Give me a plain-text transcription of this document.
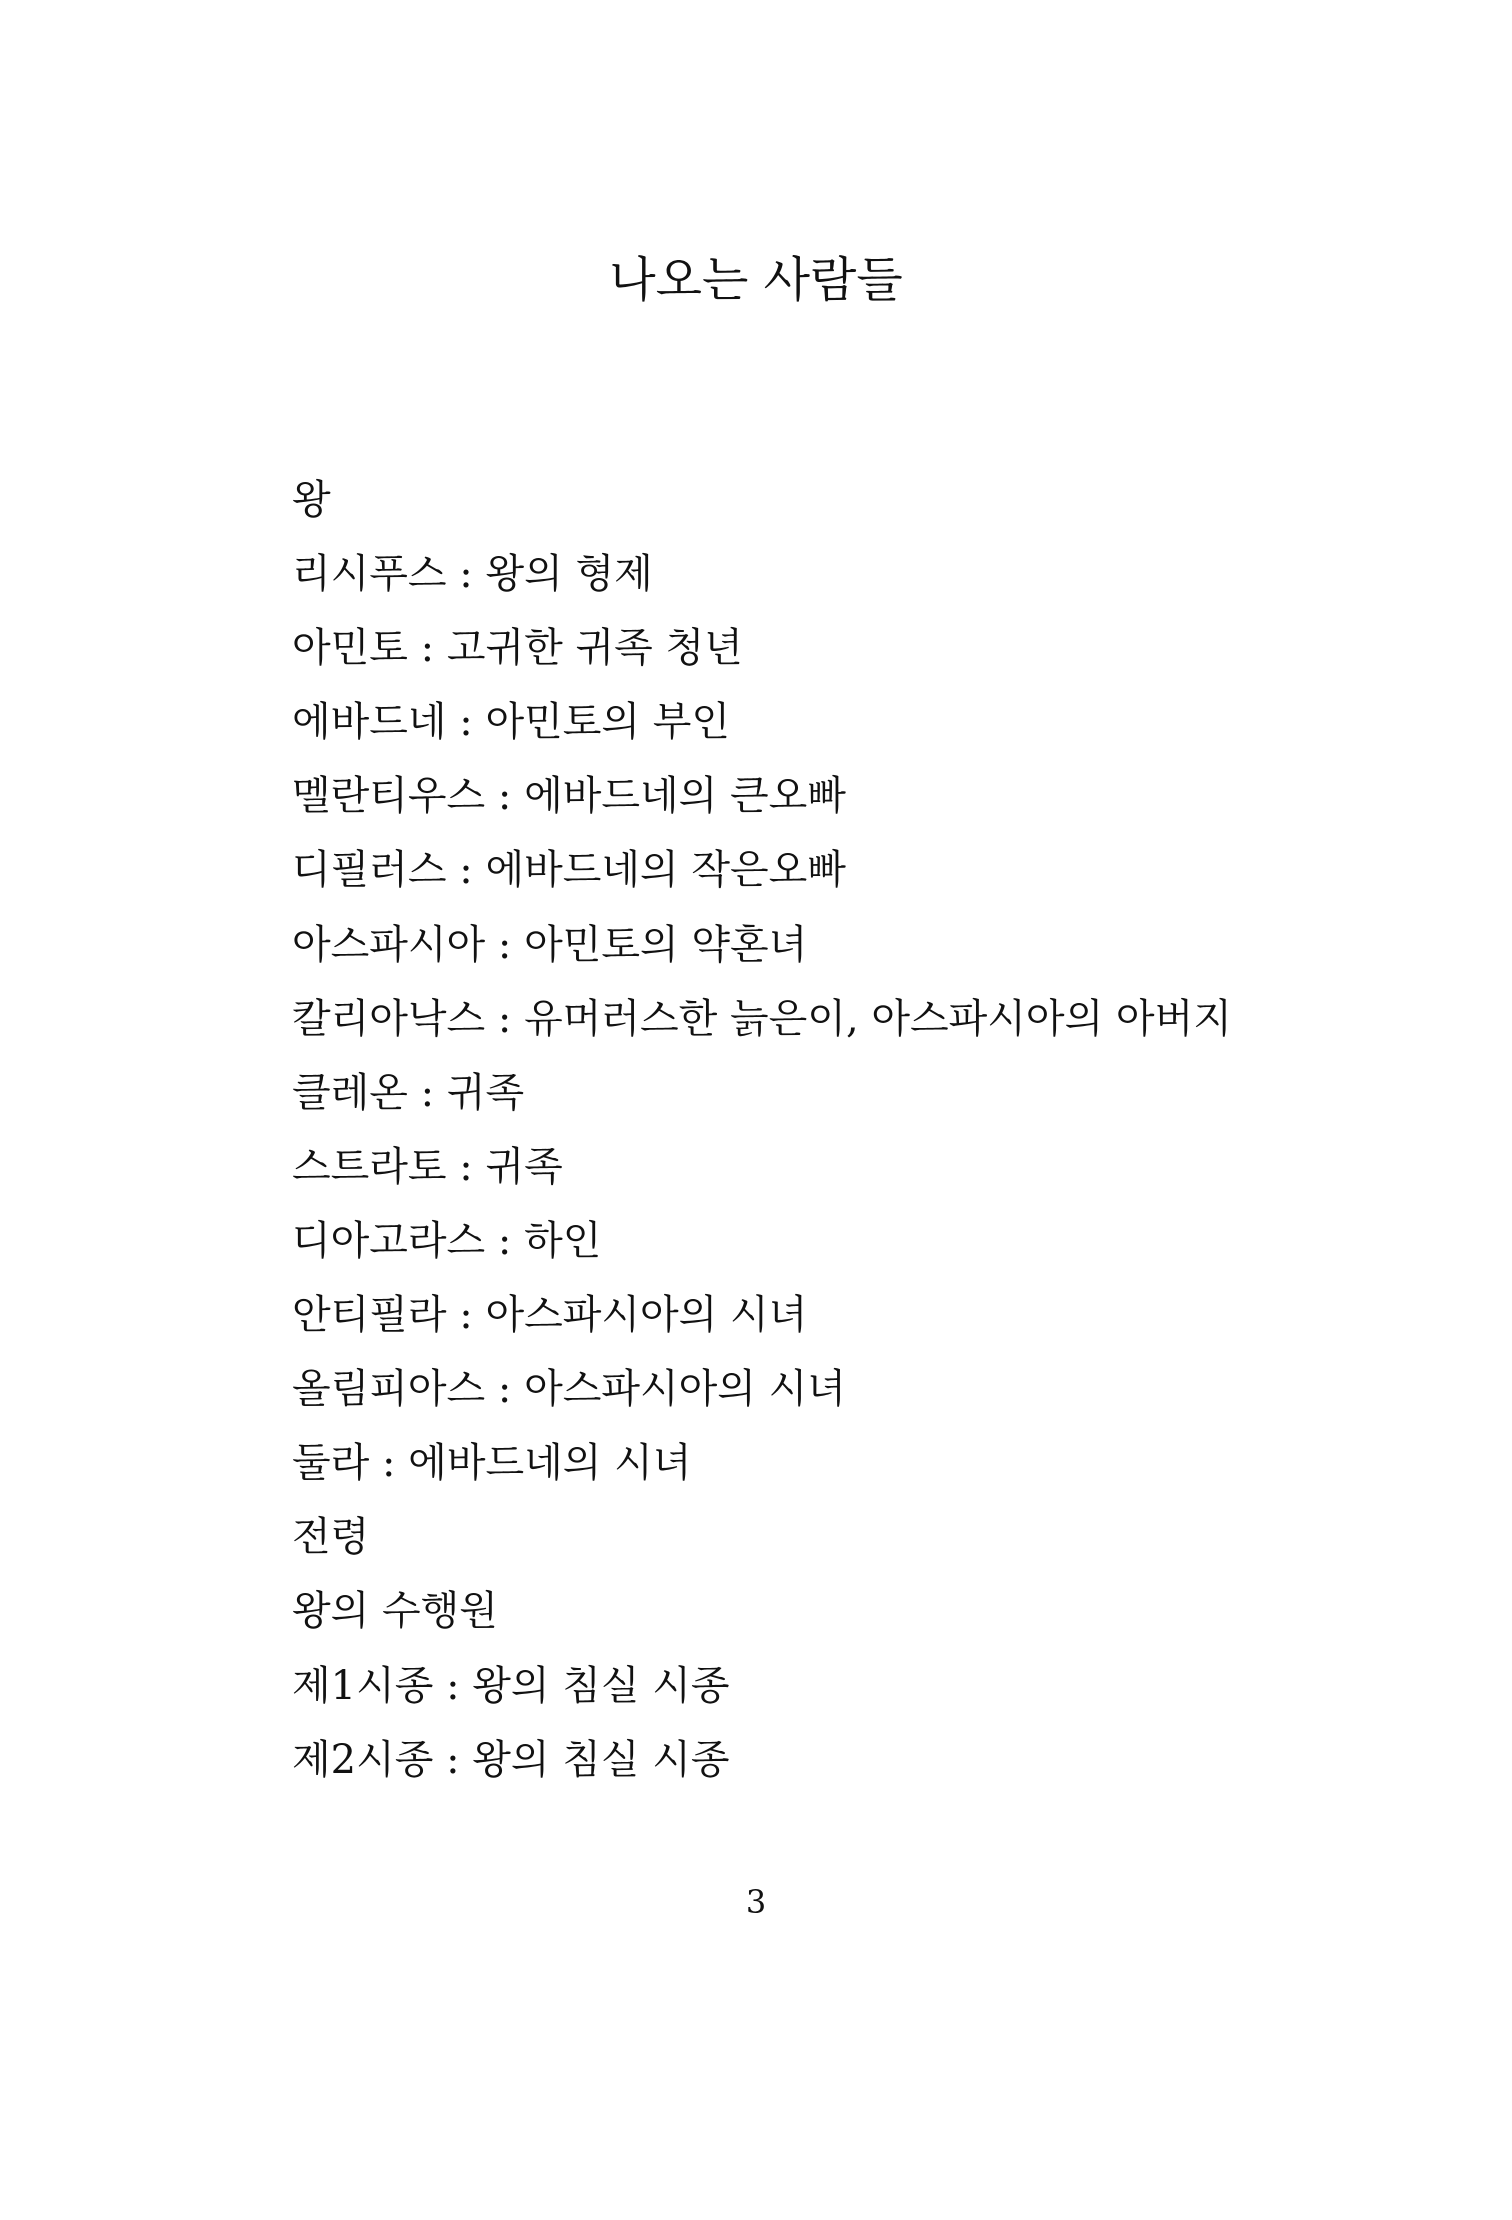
나오는 사람들
왕
리시푸스 : 왕의 형제
아민토 : 고귀한 귀족 청년
에바드네 : 아민토의 부인
멜란티우스 : 에바드네의 큰오빠
디필러스 : 에바드네의 작은오빠
아스파시아 : 아민토의 약혼녀
칼리아낙스 : 유머러스한 늙은이, 아스파시아의 아버지
클레온 : 귀족
스트라토 : 귀족
디아고라스 : 하인
안티필라 : 아스파시아의 시녀
올림피아스 : 아스파시아의 시녀
둘라 : 에바드네의 시녀
전령
왕의 수행원
제1시종 : 왕의 침실 시종
제2시종 : 왕의 침실 시종
3
